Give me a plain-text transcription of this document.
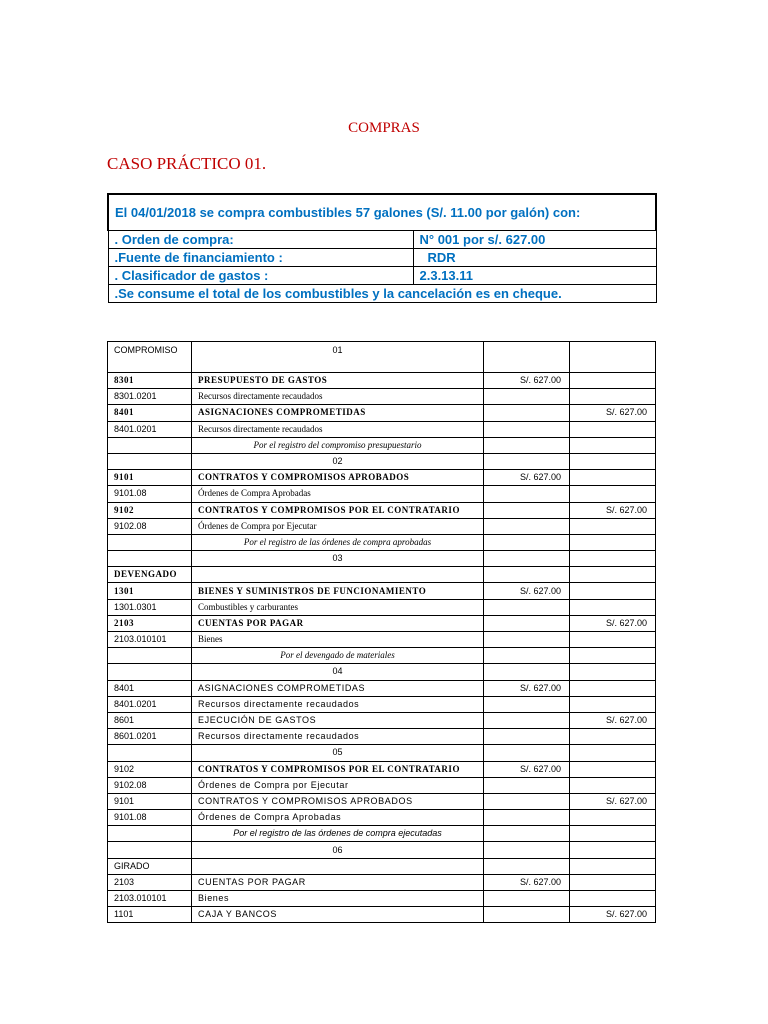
COMPRAS
CASO PRÁCTICO 01.
El 04/01/2018 se compra combustibles 57 galones (S/. 11.00 por galón) con:	
. Orden de compra:	N° 001 por s/. 627.00
.Fuente de financiamiento :	RDR
. Clasificador de gastos :	2.3.13.11
.Se consume el total de los combustibles y la cancelación es en cheque.	
COMPROMISO	01		
8301	PRESUPUESTO DE GASTOS	S/. 627.00	
8301.0201	Recursos directamente recaudados		
8401	ASIGNACIONES COMPROMETIDAS		S/. 627.00
8401.0201	Recursos directamente recaudados		
	Por el registro del compromiso presupuestario		
	02		
9101	CONTRATOS Y COMPROMISOS APROBADOS	S/. 627.00	
9101.08	Órdenes de Compra Aprobadas		
9102	CONTRATOS Y COMPROMISOS POR EL CONTRATARIO		S/. 627.00
9102.08	Órdenes de Compra por Ejecutar		
	Por el registro de las órdenes de compra aprobadas		
	03		
DEVENGADO			
1301	BIENES Y SUMINISTROS DE FUNCIONAMIENTO	S/. 627.00	
1301.0301	Combustibles y carburantes		
2103	CUENTAS POR PAGAR		S/. 627.00
2103.010101	Bienes		
	Por el devengado de materiales		
	04		
8401	ASIGNACIONES COMPROMETIDAS	S/. 627.00	
8401.0201	Recursos directamente recaudados		
8601	EJECUCIÓN DE GASTOS		S/. 627.00
8601.0201	Recursos directamente recaudados		
	05		
9102	CONTRATOS Y COMPROMISOS POR EL CONTRATARIO	S/. 627.00	
9102.08	Órdenes de Compra por Ejecutar		
9101	CONTRATOS Y COMPROMISOS APROBADOS		S/. 627.00
9101.08	Órdenes de Compra Aprobadas		
	Por el registro de las órdenes de compra ejecutadas		
	06		
GIRADO			
2103	CUENTAS POR PAGAR	S/. 627.00	
2103.010101	Bienes		
1101	CAJA Y BANCOS		S/. 627.00
